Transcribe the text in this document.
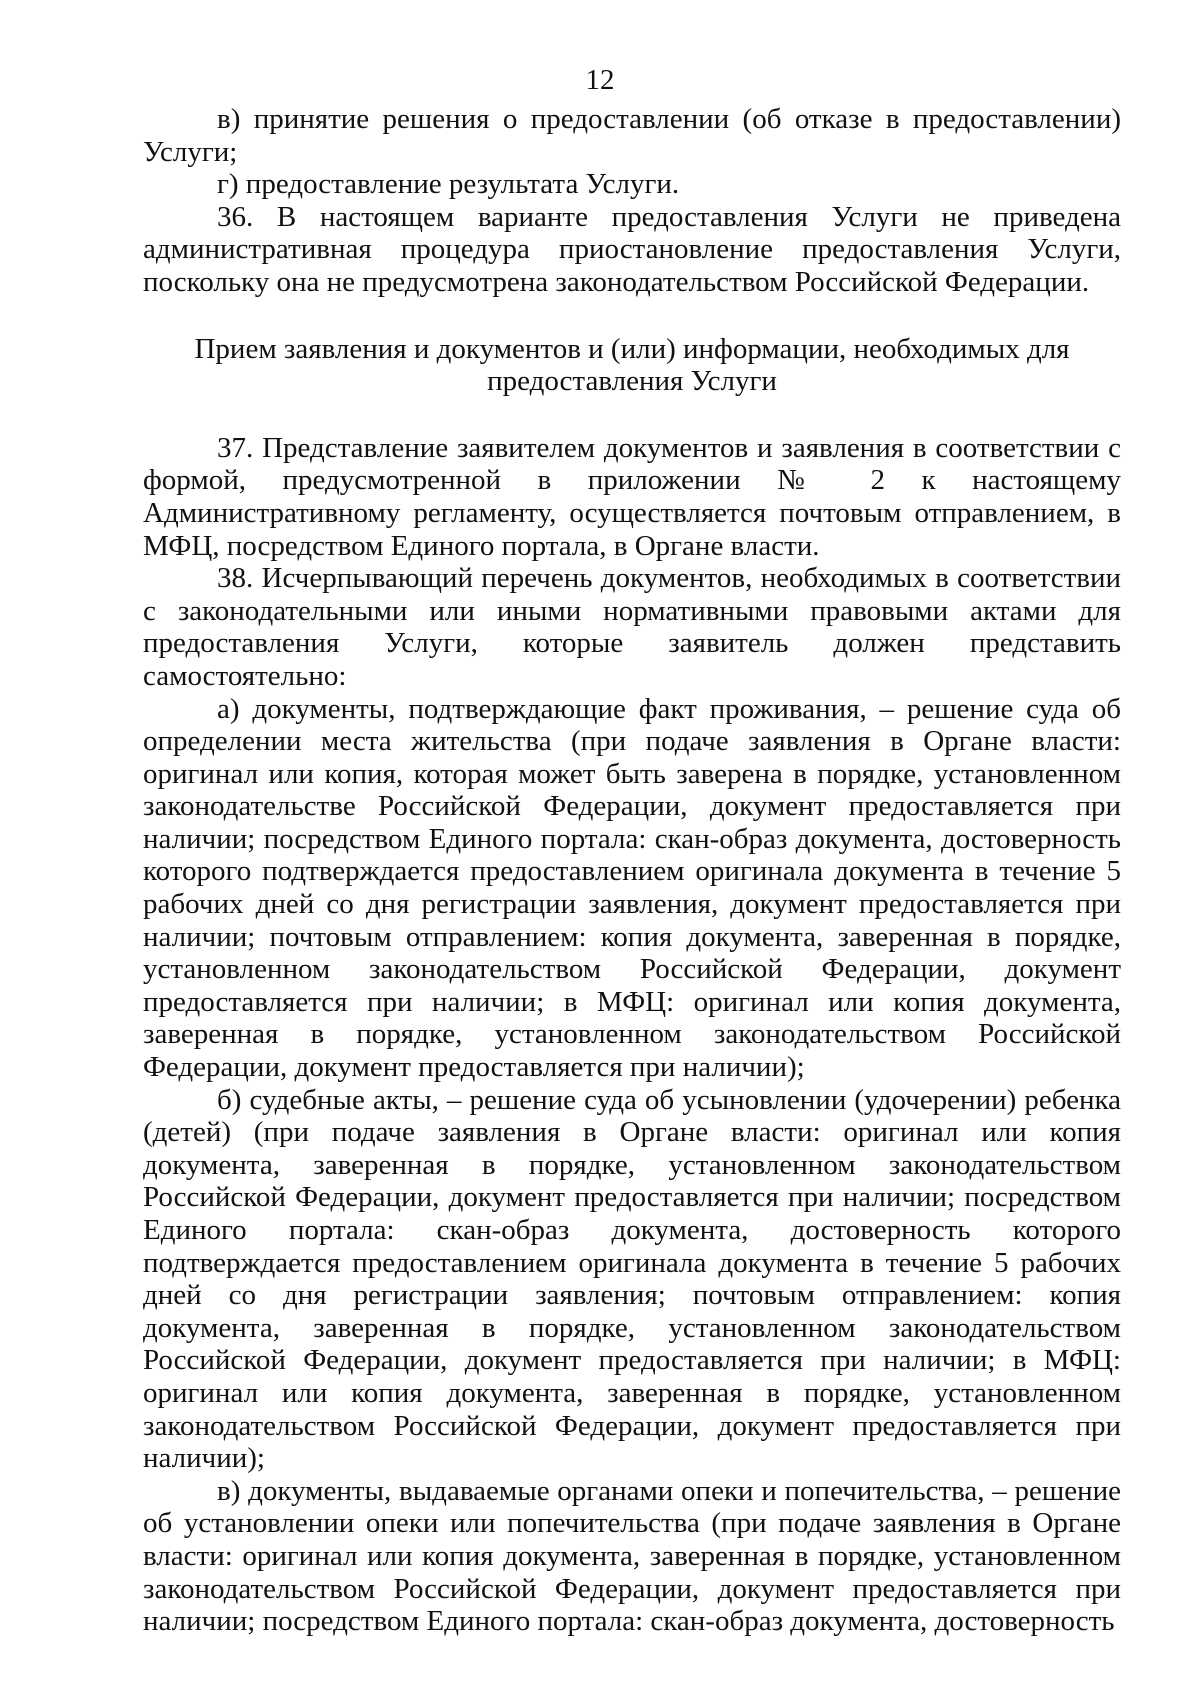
12

в) принятие решения о предоставлении (об отказе в предоставлении) Услуги;

г) предоставление результата Услуги.

36. В настоящем варианте предоставления Услуги не приведена административная процедура приостановление предоставления Услуги, поскольку она не предусмотрена законодательством Российской Федерации.

Прием заявления и документов и (или) информации, необходимых для предоставления Услуги

37. Представление заявителем документов и заявления в соответствии с формой, предусмотренной в приложении № 2 к настоящему Административному регламенту, осуществляется почтовым отправлением, в МФЦ, посредством Единого портала, в Органе власти.

38. Исчерпывающий перечень документов, необходимых в соответствии с законодательными или иными нормативными правовыми актами для предоставления Услуги, которые заявитель должен представить самостоятельно:

а) документы, подтверждающие факт проживания, – решение суда об определении места жительства (при подаче заявления в Органе власти: оригинал или копия, которая может быть заверена в порядке, установленном законодательстве Российской Федерации, документ предоставляется при наличии; посредством Единого портала: скан-образ документа, достоверность которого подтверждается предоставлением оригинала документа в течение 5 рабочих дней со дня регистрации заявления, документ предоставляется при наличии; почтовым отправлением: копия документа, заверенная в порядке, установленном законодательством Российской Федерации, документ предоставляется при наличии; в МФЦ: оригинал или копия документа, заверенная в порядке, установленном законодательством Российской Федерации, документ предоставляется при наличии);

б) судебные акты, – решение суда об усыновлении (удочерении) ребенка (детей) (при подаче заявления в Органе власти: оригинал или копия документа, заверенная в порядке, установленном законодательством Российской Федерации, документ предоставляется при наличии; посредством Единого портала: скан-образ документа, достоверность которого подтверждается предоставлением оригинала документа в течение 5 рабочих дней со дня регистрации заявления; почтовым отправлением: копия документа, заверенная в порядке, установленном законодательством Российской Федерации, документ предоставляется при наличии; в МФЦ: оригинал или копия документа, заверенная в порядке, установленном законодательством Российской Федерации, документ предоставляется при наличии);

в) документы, выдаваемые органами опеки и попечительства, – решение об установлении опеки или попечительства (при подаче заявления в Органе власти: оригинал или копия документа, заверенная в порядке, установленном законодательством Российской Федерации, документ предоставляется при наличии; посредством Единого портала: скан-образ документа, достоверность
